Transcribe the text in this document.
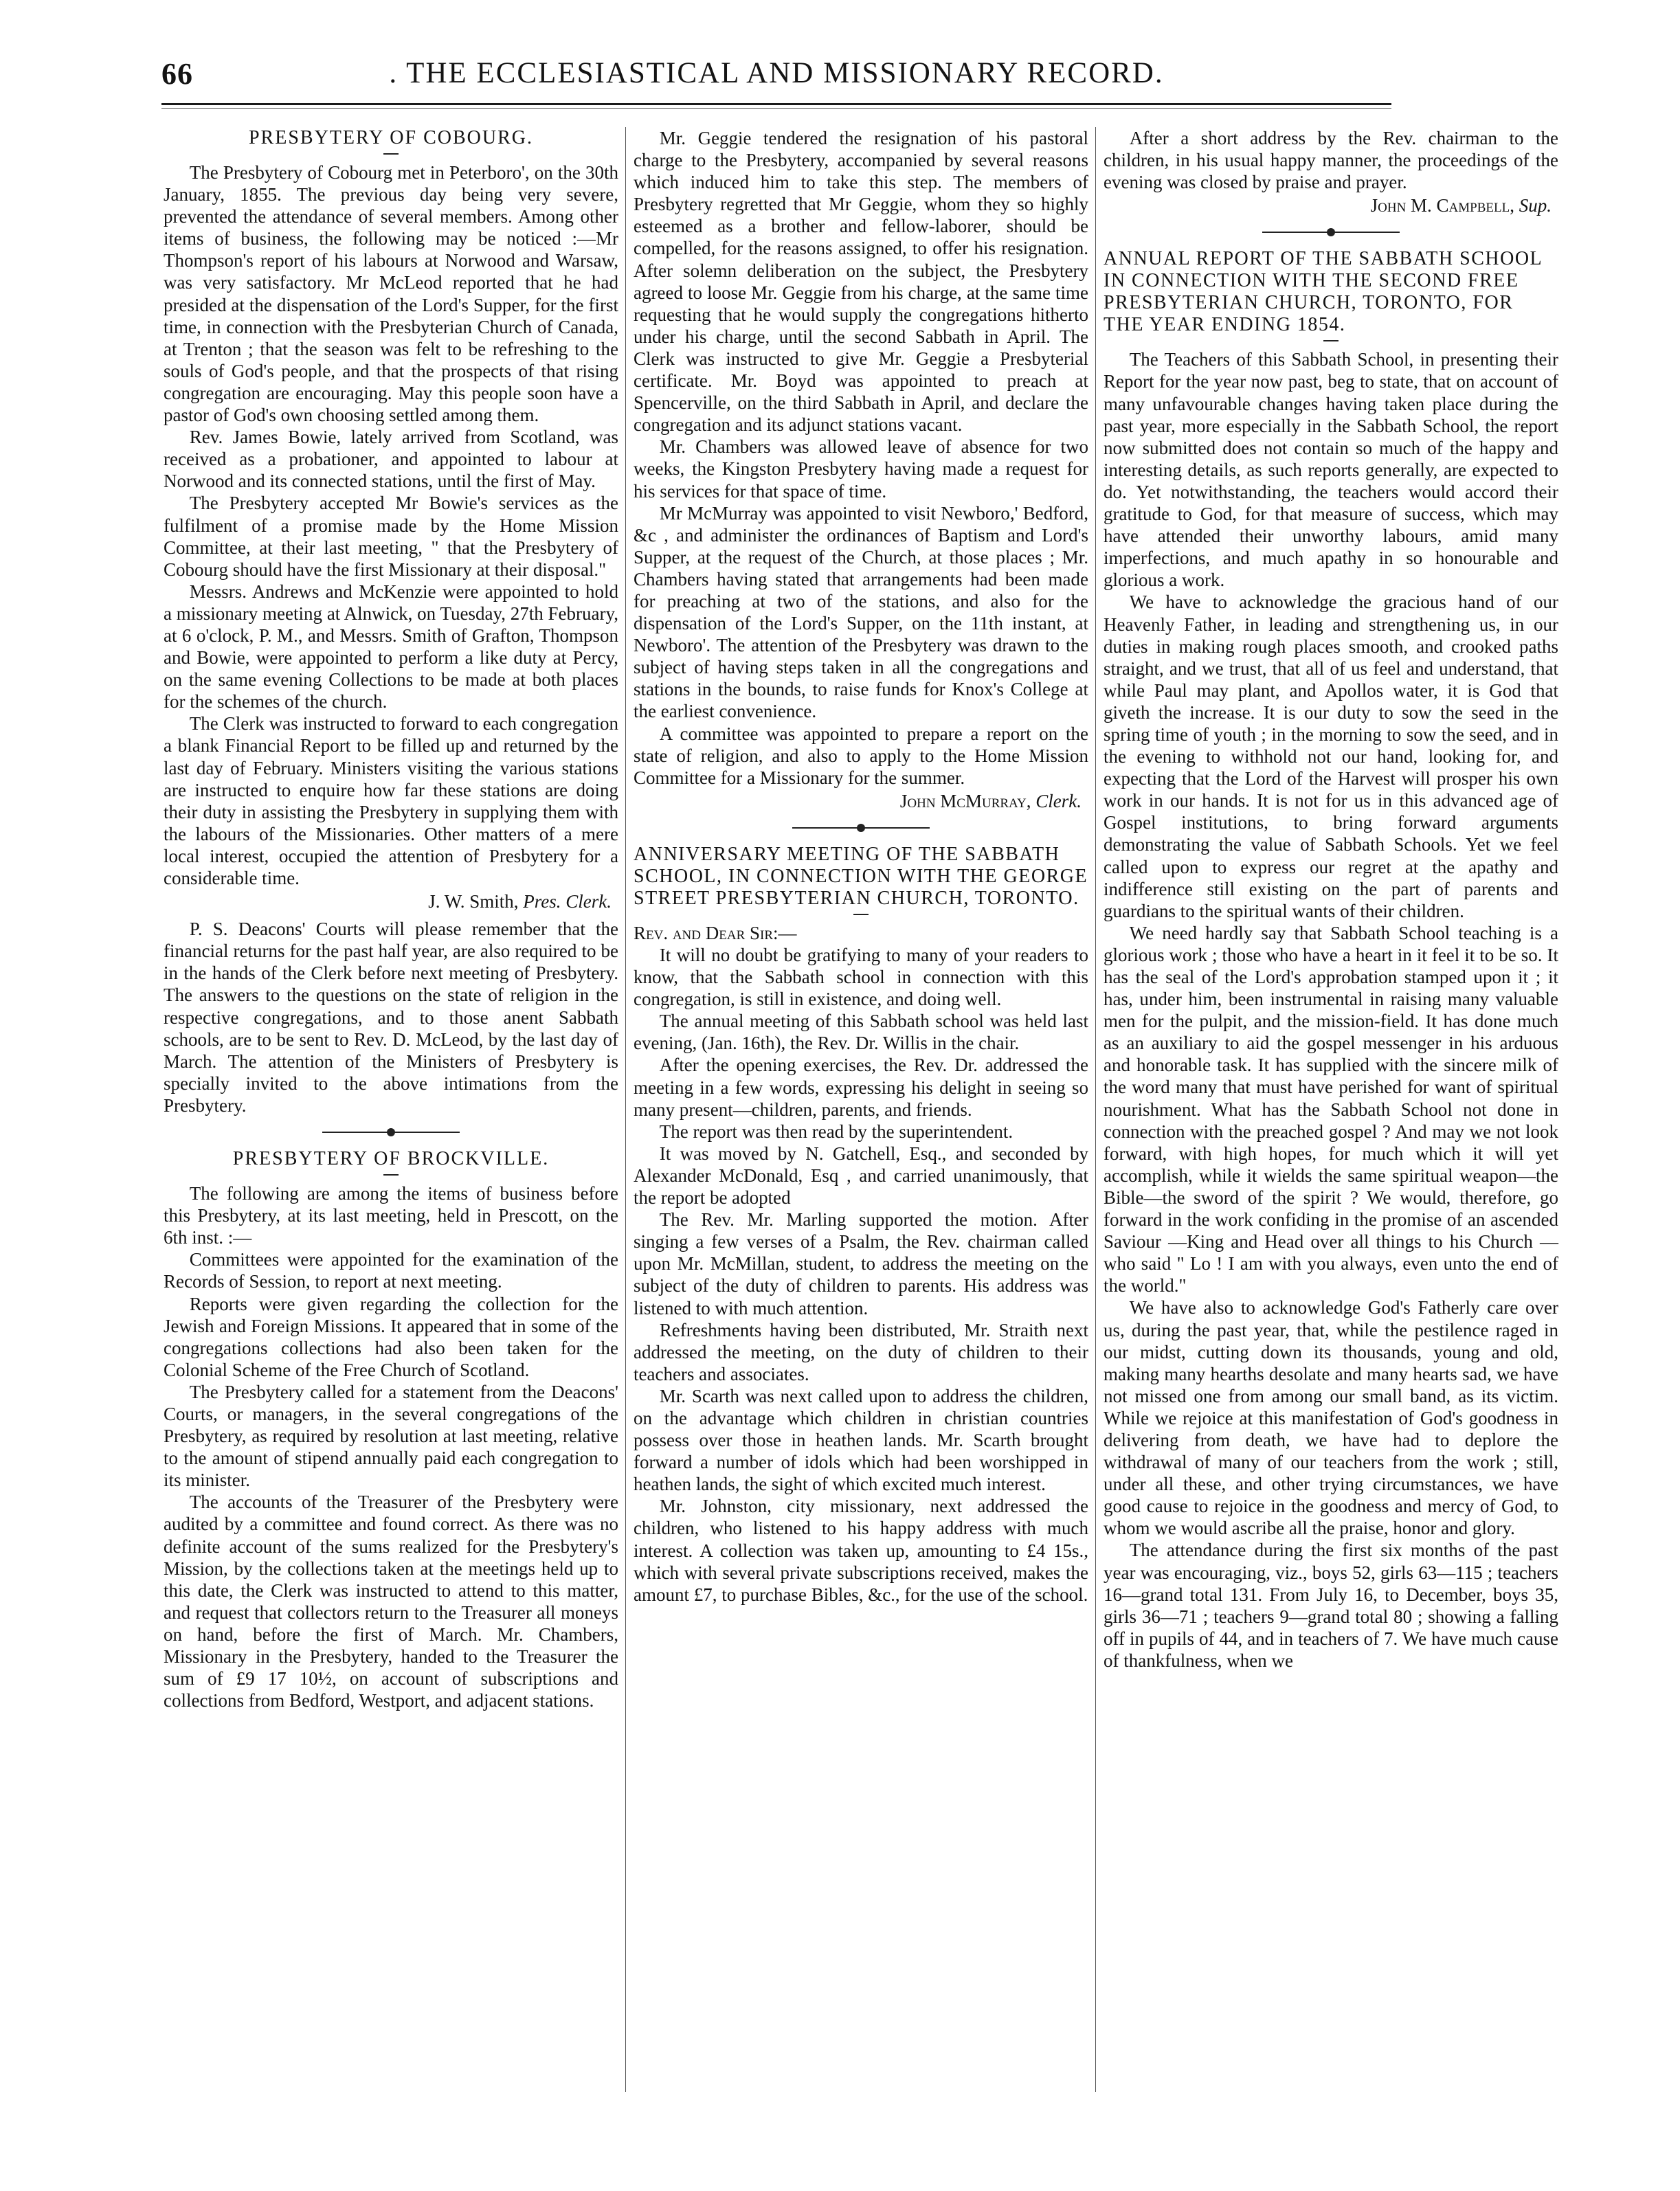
66	. THE ECCLESIASTICAL AND MISSIONARY RECORD.
PRESBYTERY OF COBOURG.

The Presbytery of Cobourg met in Peterboro', on the 30th January, 1855. The previous day being very severe, prevented the attendance of several members. Among other items of business, the following may be noticed :—Mr Thompson's report of his labours at Norwood and Warsaw, was very satisfactory. Mr McLeod reported that he had presided at the dispensation of the Lord's Supper, for the first time, in connection with the Presbyterian Church of Canada, at Trenton ; that the season was felt to be refreshing to the souls of God's people, and that the prospects of that rising congregation are encouraging. May this people soon have a pastor of God's own choosing settled among them.

Rev. James Bowie, lately arrived from Scotland, was received as a probationer, and appointed to labour at Norwood and its connected stations, until the first of May.

The Presbytery accepted Mr Bowie's services as the fulfilment of a promise made by the Home Mission Committee, at their last meeting, " that the Presbytery of Cobourg should have the first Missionary at their disposal."

Messrs. Andrews and McKenzie were appointed to hold a missionary meeting at Alnwick, on Tuesday, 27th February, at 6 o'clock, P. M., and Messrs. Smith of Grafton, Thompson and Bowie, were appointed to perform a like duty at Percy, on the same evening Collections to be made at both places for the schemes of the church.

The Clerk was instructed to forward to each congregation a blank Financial Report to be filled up and returned by the last day of February. Ministers visiting the various stations are instructed to enquire how far these stations are doing their duty in assisting the Presbytery in supplying them with the labours of the Missionaries. Other matters of a mere local interest, occupied the attention of Presbytery for a considerable time.

J. W. Smith, Pres. Clerk.

P. S. Deacons' Courts will please remember that the financial returns for the past half year, are also required to be in the hands of the Clerk before next meeting of Presbytery. The answers to the questions on the state of religion in the respective congregations, and to those anent Sabbath schools, are to be sent to Rev. D. McLeod, by the last day of March. The attention of the Ministers of Presbytery is specially invited to the above intimations from the Presbytery.

PRESBYTERY OF BROCKVILLE.

The following are among the items of business before this Presbytery, at its last meeting, held in Prescott, on the 6th inst. :—

Committees were appointed for the examination of the Records of Session, to report at next meeting.

Reports were given regarding the collection for the Jewish and Foreign Missions. It appeared that in some of the congregations collections had also been taken for the Colonial Scheme of the Free Church of Scotland.

The Presbytery called for a statement from the Deacons' Courts, or managers, in the several congregations of the Presbytery, as required by resolution at last meeting, relative to the amount of stipend annually paid each congregation to its minister.

The accounts of the Treasurer of the Presbytery were audited by a committee and found correct. As there was no definite account of the sums realized for the Presbytery's Mission, by the collections taken at the meetings held up to this date, the Clerk was instructed to attend to this matter, and request that collectors return to the Treasurer all moneys on hand, before the first of March. Mr. Chambers, Missionary in the Presbytery, handed to the Treasurer the sum of £9 17 10½, on account of subscriptions and collections from Bedford, Westport, and adjacent stations.

Mr. Geggie tendered the resignation of his pastoral charge to the Presbytery, accompanied by several reasons which induced him to take this step. The members of Presbytery regretted that Mr Geggie, whom they so highly esteemed as a brother and fellow-laborer, should be compelled, for the reasons assigned, to offer his resignation. After solemn deliberation on the subject, the Presbytery agreed to loose Mr. Geggie from his charge, at the same time requesting that he would supply the congregations hitherto under his charge, until the second Sabbath in April. The Clerk was instructed to give Mr. Geggie a Presbyterial certificate. Mr. Boyd was appointed to preach at Spencerville, on the third Sabbath in April, and declare the congregation and its adjunct stations vacant.

Mr. Chambers was allowed leave of absence for two weeks, the Kingston Presbytery having made a request for his services for that space of time.

Mr McMurray was appointed to visit Newboro,' Bedford, &c , and administer the ordinances of Baptism and Lord's Supper, at the request of the Church, at those places ; Mr. Chambers having stated that arrangements had been made for preaching at two of the stations, and also for the dispensation of the Lord's Supper, on the 11th instant, at Newboro'. The attention of the Presbytery was drawn to the subject of having steps taken in all the congregations and stations in the bounds, to raise funds for Knox's College at the earliest convenience.

A committee was appointed to prepare a report on the state of religion, and also to apply to the Home Mission Committee for a Missionary for the summer.

John McMurray, Clerk.
ANNIVERSARY MEETING OF THE SABBATH SCHOOL, IN CONNECTION WITH THE GEORGE STREET PRESBYTERIAN CHURCH, TORONTO.

Rev. and Dear Sir:—

It will no doubt be gratifying to many of your readers to know, that the Sabbath school in connection with this congregation, is still in existence, and doing well.

The annual meeting of this Sabbath school was held last evening, (Jan. 16th), the Rev. Dr. Willis in the chair.

After the opening exercises, the Rev. Dr. addressed the meeting in a few words, expressing his delight in seeing so many present—children, parents, and friends.

The report was then read by the superintendent.

It was moved by N. Gatchell, Esq., and seconded by Alexander McDonald, Esq , and carried unanimously, that the report be adopted

The Rev. Mr. Marling supported the motion. After singing a few verses of a Psalm, the Rev. chairman called upon Mr. McMillan, student, to address the meeting on the subject of the duty of children to parents. His address was listened to with much attention.

Refreshments having been distributed, Mr. Straith next addressed the meeting, on the duty of children to their teachers and associates.

Mr. Scarth was next called upon to address the children, on the advantage which children in christian countries possess over those in heathen lands. Mr. Scarth brought forward a number of idols which had been worshipped in heathen lands, the sight of which excited much interest.

Mr. Johnston, city missionary, next addressed the children, who listened to his happy address with much interest. A collection was taken up, amounting to £4 15s., which with several private subscriptions received, makes the amount £7, to purchase Bibles, &c., for the use of the school.

After a short address by the Rev. chairman to the children, in his usual happy manner, the proceedings of the evening was closed by praise and prayer.

John M. Campbell, Sup.
ANNUAL REPORT OF THE SABBATH SCHOOL IN CONNECTION WITH THE SECOND FREE PRESBYTERIAN CHURCH, TORONTO, FOR THE YEAR ENDING 1854.

The Teachers of this Sabbath School, in presenting their Report for the year now past, beg to state, that on account of many unfavourable changes having taken place during the past year, more especially in the Sabbath School, the report now submitted does not contain so much of the happy and interesting details, as such reports generally, are expected to do. Yet notwithstanding, the teachers would accord their gratitude to God, for that measure of success, which may have attended their unworthy labours, amid many imperfections, and much apathy in so honourable and glorious a work.

We have to acknowledge the gracious hand of our Heavenly Father, in leading and strengthening us, in our duties in making rough places smooth, and crooked paths straight, and we trust, that all of us feel and understand, that while Paul may plant, and Apollos water, it is God that giveth the increase. It is our duty to sow the seed in the spring time of youth ; in the morning to sow the seed, and in the evening to withhold not our hand, looking for, and expecting that the Lord of the Harvest will prosper his own work in our hands. It is not for us in this advanced age of Gospel institutions, to bring forward arguments demonstrating the value of Sabbath Schools. Yet we feel called upon to express our regret at the apathy and indifference still existing on the part of parents and guardians to the spiritual wants of their children.

We need hardly say that Sabbath School teaching is a glorious work ; those who have a heart in it feel it to be so. It has the seal of the Lord's approbation stamped upon it ; it has, under him, been instrumental in raising many valuable men for the pulpit, and the mission-field. It has done much as an auxiliary to aid the gospel messenger in his arduous and honorable task. It has supplied with the sincere milk of the word many that must have perished for want of spiritual nourishment. What has the Sabbath School not done in connection with the preached gospel ? And may we not look forward, with high hopes, for much which it will yet accomplish, while it wields the same spiritual weapon—the Bible—the sword of the spirit ? We would, therefore, go forward in the work confiding in the promise of an ascended Saviour —King and Head over all things to his Church —who said " Lo ! I am with you always, even unto the end of the world."

We have also to acknowledge God's Fatherly care over us, during the past year, that, while the pestilence raged in our midst, cutting down its thousands, young and old, making many hearths desolate and many hearts sad, we have not missed one from among our small band, as its victim. While we rejoice at this manifestation of God's goodness in delivering from death, we have had to deplore the withdrawal of many of our teachers from the work ; still, under all these, and other trying circumstances, we have good cause to rejoice in the goodness and mercy of God, to whom we would ascribe all the praise, honor and glory.

The attendance during the first six months of the past year was encouraging, viz., boys 52, girls 63—115 ; teachers 16—grand total 131. From July 16, to December, boys 35, girls 36—71 ; teachers 9—grand total 80 ; showing a falling off in pupils of 44, and in teachers of 7. We have much cause of thankfulness, when we
